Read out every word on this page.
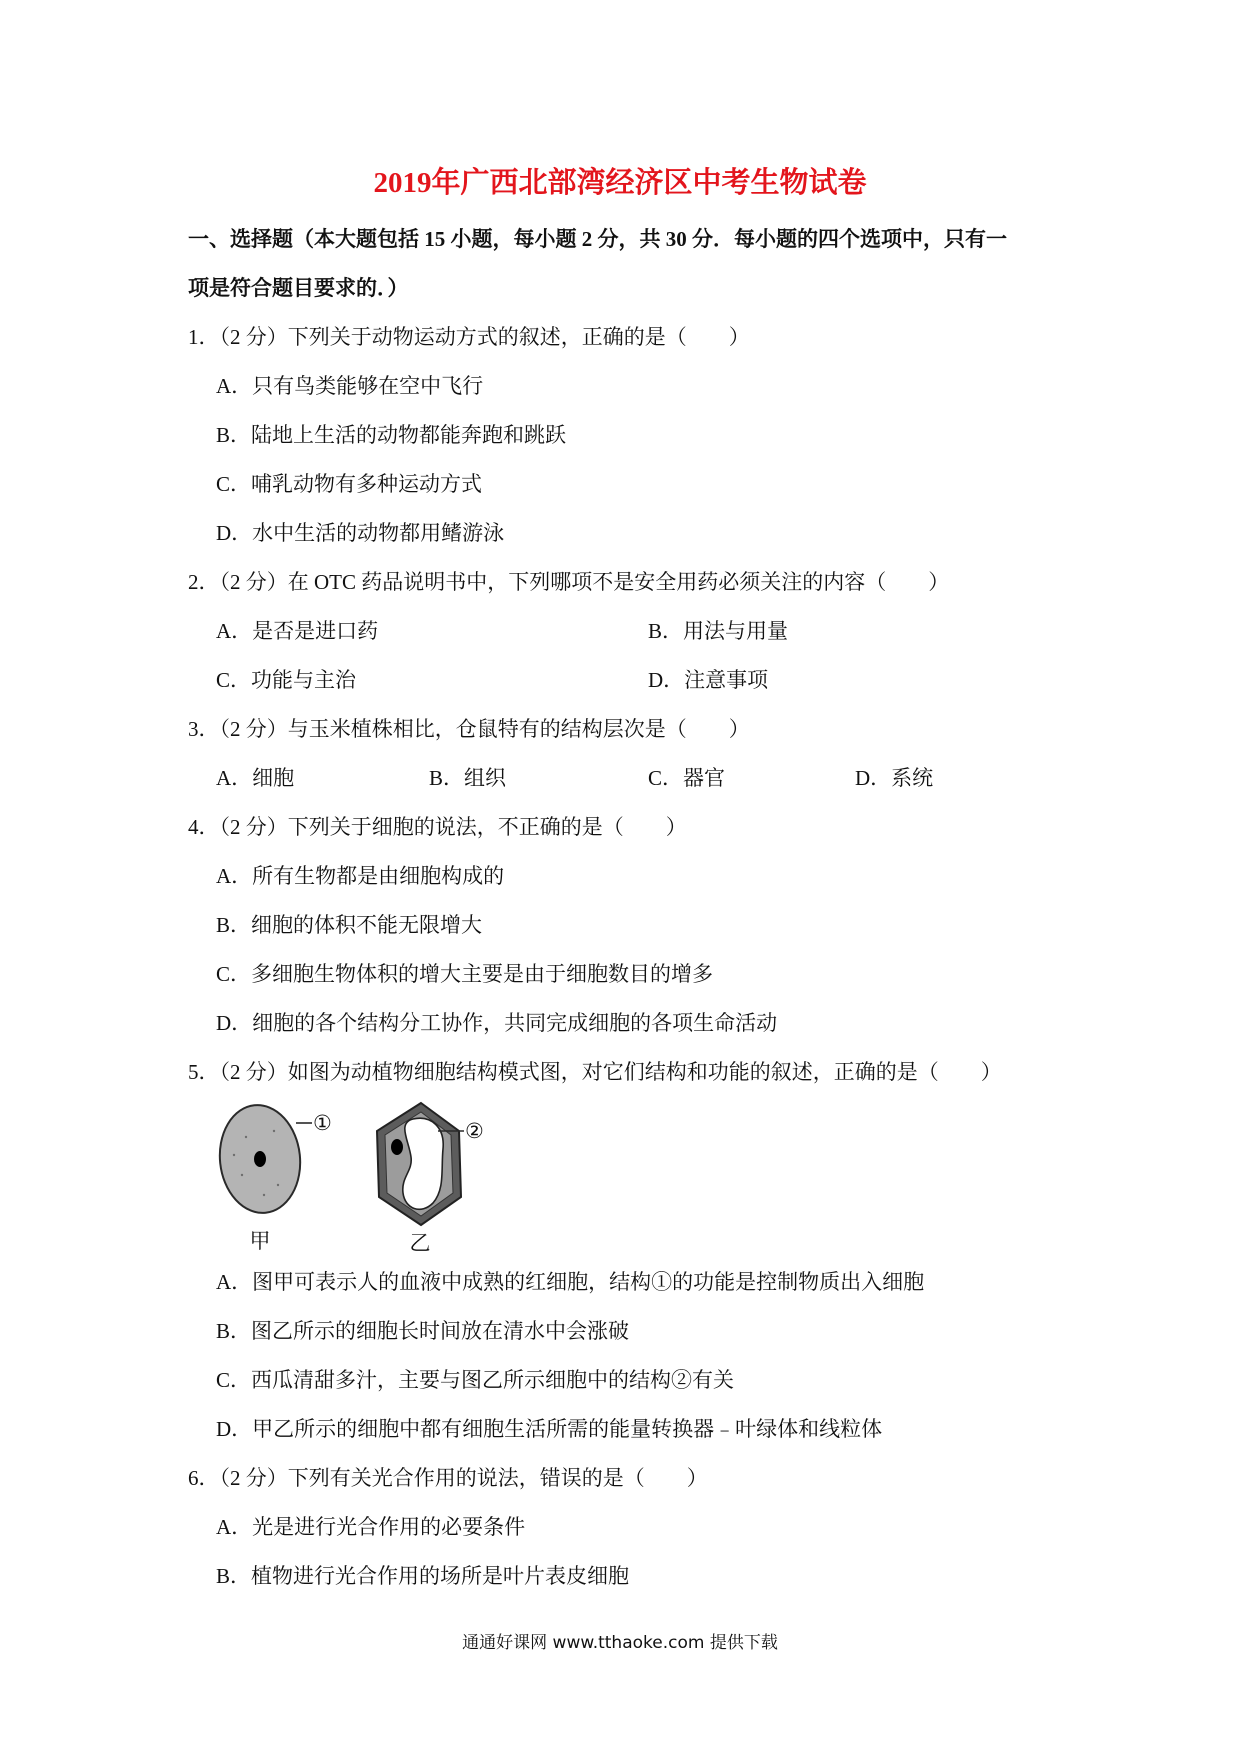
2019年广西北部湾经济区中考生物试卷
一、选择题（本大题包括 15 小题，每小题 2 分，共 30 分．每小题的四个选项中，只有一
项是符合题目要求的．）
1．（2 分）下列关于动物运动方式的叙述，正确的是（　　）
A．只有鸟类能够在空中飞行
B．陆地上生活的动物都能奔跑和跳跃
C．哺乳动物有多种运动方式
D．水中生活的动物都用鳍游泳
2．（2 分）在 OTC 药品说明书中，下列哪项不是安全用药必须关注的内容（　　）
A．是否是进口药	B．用法与用量
C．功能与主治	D．注意事项
3．（2 分）与玉米植株相比，仓鼠特有的结构层次是（　　）
A．细胞	B．组织	C．器官	D．系统
4．（2 分）下列关于细胞的说法，不正确的是（　　）
A．所有生物都是由细胞构成的
B．细胞的体积不能无限增大
C．多细胞生物体积的增大主要是由于细胞数目的增多
D．细胞的各个结构分工协作，共同完成细胞的各项生命活动
5．（2 分）如图为动植物细胞结构模式图，对它们结构和功能的叙述，正确的是（　　）
①
甲
②
乙
A．图甲可表示人的血液中成熟的红细胞，结构①的功能是控制物质出入细胞
B．图乙所示的细胞长时间放在清水中会涨破
C．西瓜清甜多汁，主要与图乙所示细胞中的结构②有关
D．甲乙所示的细胞中都有细胞生活所需的能量转换器﹣叶绿体和线粒体
6．（2 分）下列有关光合作用的说法，错误的是（　　）
A．光是进行光合作用的必要条件
B．植物进行光合作用的场所是叶片表皮细胞
通通好课网 www.tthaoke.com 提供下载
